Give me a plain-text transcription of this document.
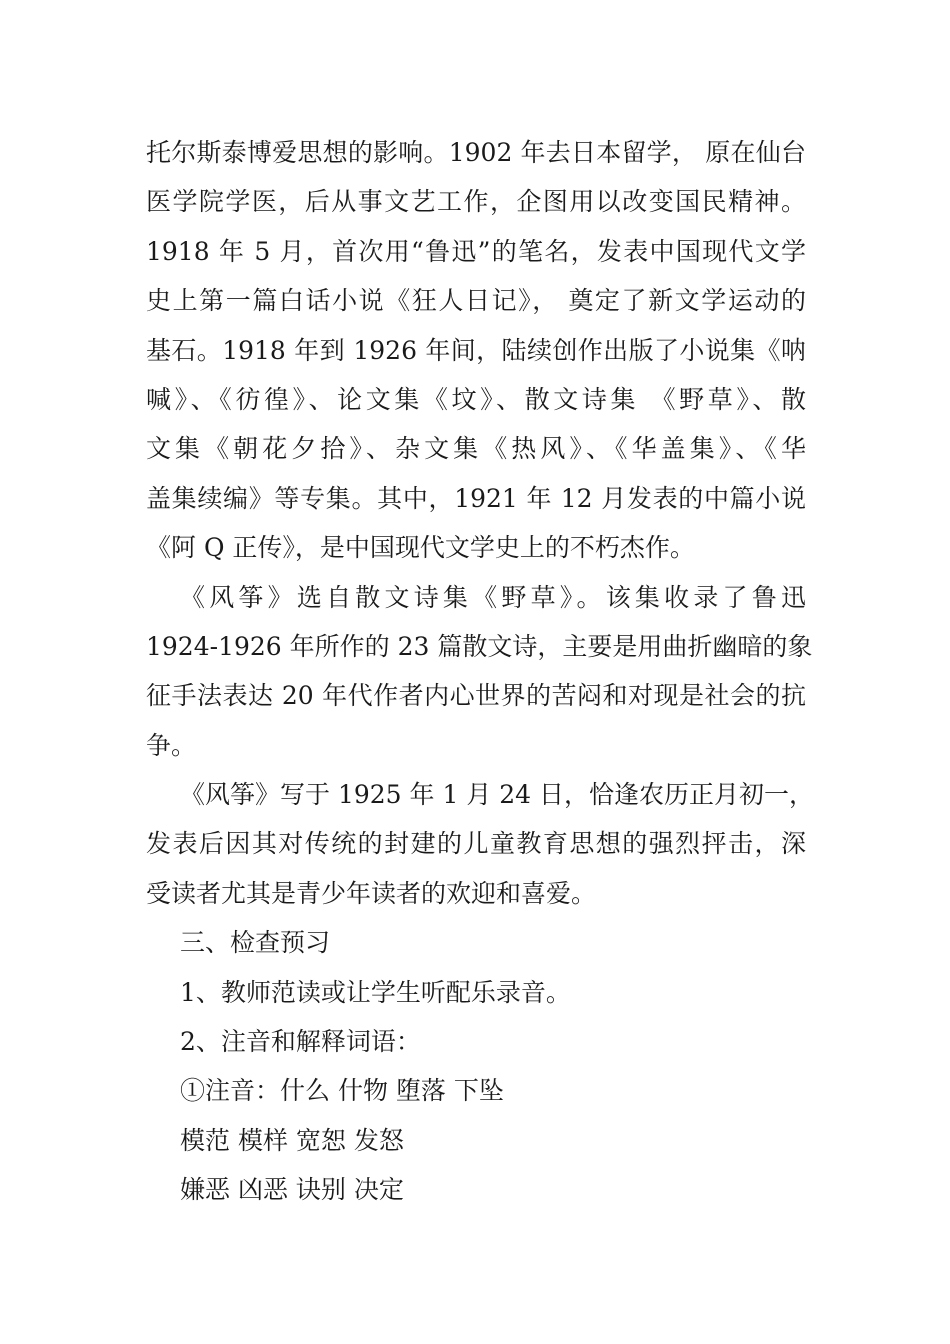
托尔斯泰博爱思想的影响。1902 年去日本留学， 原在仙台
医学院学医，后从事文艺工作，企图用以改变国民精神。
1918 年 5 月，首次用“鲁迅”的笔名，发表中国现代文学
史上第一篇白话小说《狂人日记》， 奠定了新文学运动的
基石。1918 年到 1926 年间，陆续创作出版了小说集《呐
喊》、《彷徨》、论文集《坟》、散文诗集 《野草》、散
文集《朝花夕拾》、杂文集《热风》、《华盖集》、《华
盖集续编》等专集。其中，1921 年 12 月发表的中篇小说
《阿 Q 正传》，是中国现代文学史上的不朽杰作。
《风筝》选自散文诗集《野草》。该集收录了鲁迅
1924-1926 年所作的 23 篇散文诗，主要是用曲折幽暗的象
征手法表达 20 年代作者内心世界的苦闷和对现是社会的抗
争。
《风筝》写于 1925 年 1 月 24 日，恰逢农历正月初一，
发表后因其对传统的封建的儿童教育思想的强烈抨击，深
受读者尤其是青少年读者的欢迎和喜爱。
三、检查预习
1、教师范读或让学生听配乐录音。
2、注音和解释词语：
①注音：什么 什物 堕落 下坠
模范 模样 宽恕 发怒
嫌恶 凶恶 诀别 决定
